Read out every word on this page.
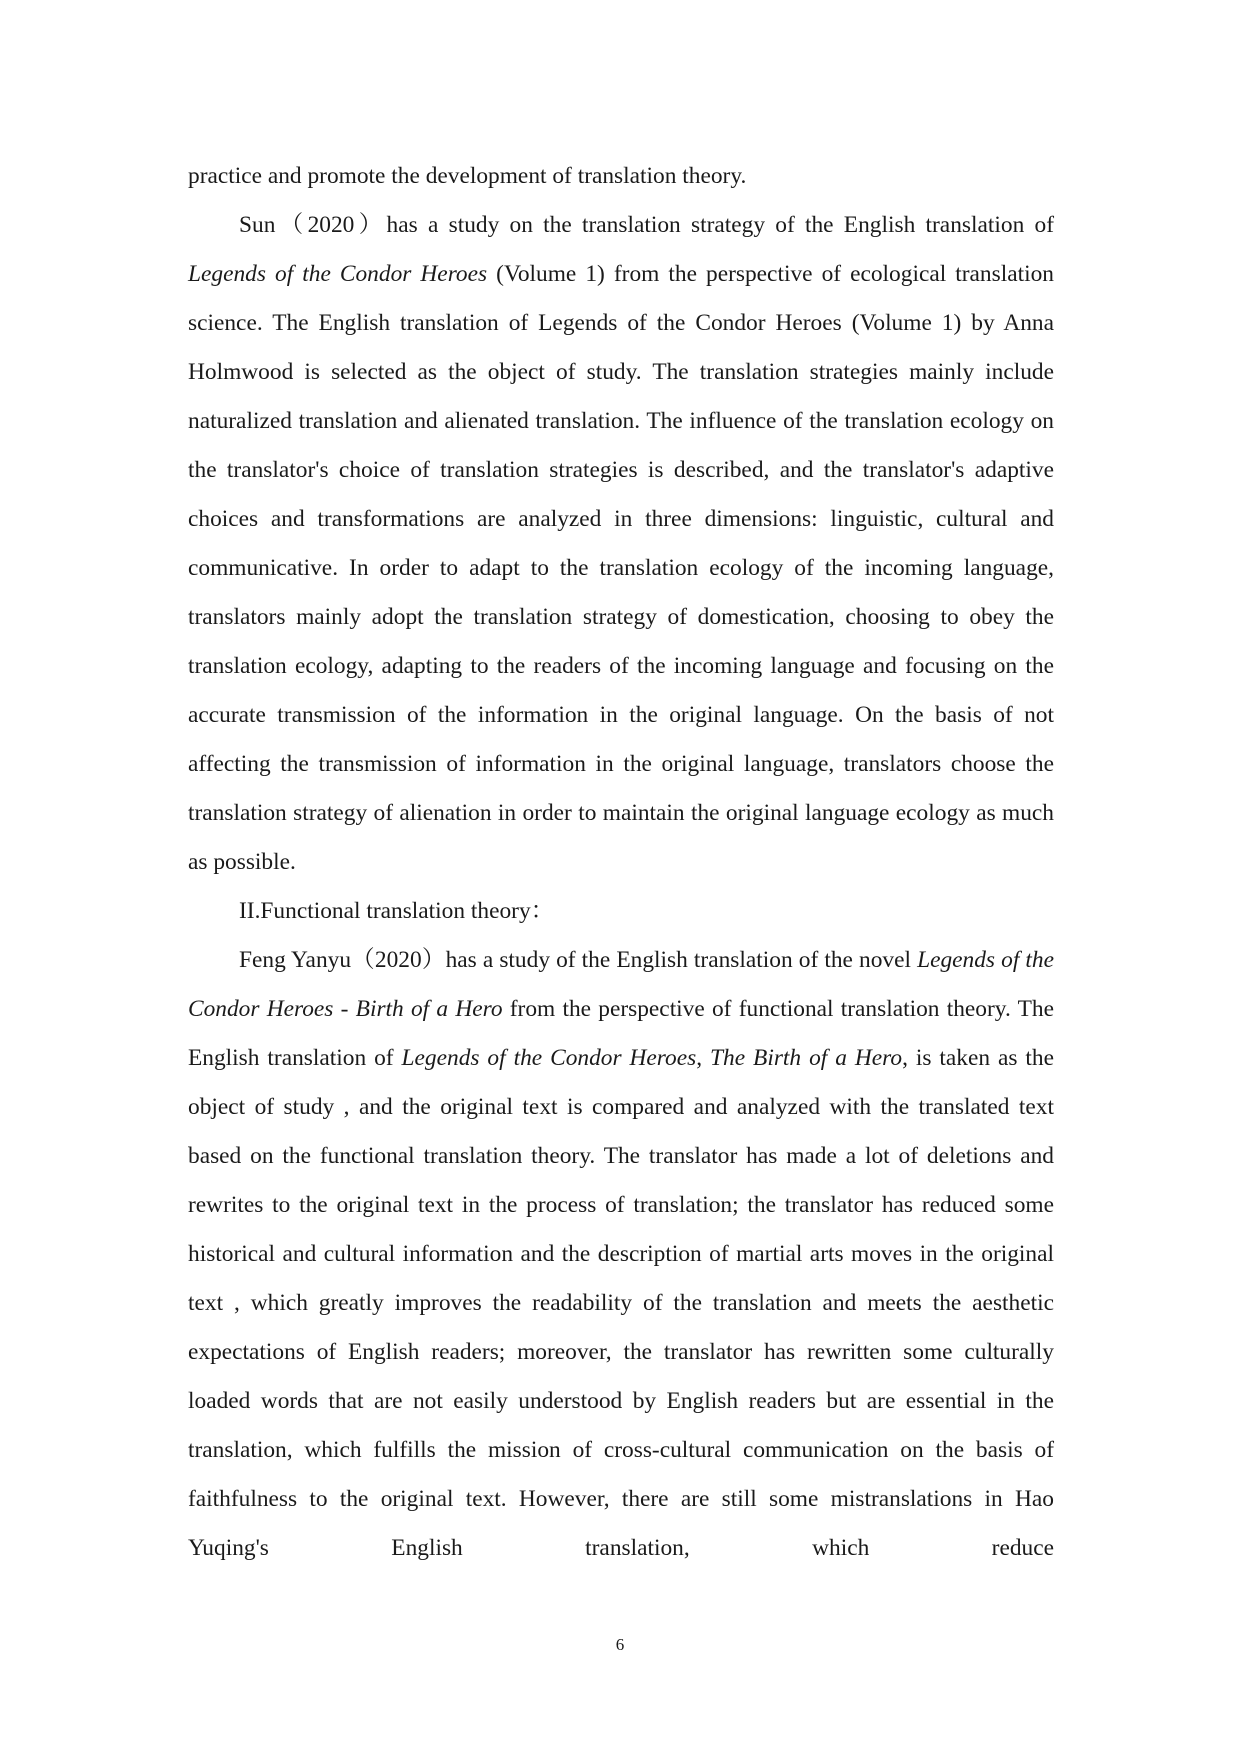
practice and promote the development of translation theory.

Sun（2020）has a study on the translation strategy of the English translation of Legends of the Condor Heroes (Volume 1) from the perspective of ecological translation science. The English translation of Legends of the Condor Heroes (Volume 1) by Anna Holmwood is selected as the object of study. The translation strategies mainly include naturalized translation and alienated translation. The influence of the translation ecology on the translator's choice of translation strategies is described, and the translator's adaptive choices and transformations are analyzed in three dimensions: linguistic, cultural and communicative. In order to adapt to the translation ecology of the incoming language, translators mainly adopt the translation strategy of domestication, choosing to obey the translation ecology, adapting to the readers of the incoming language and focusing on the accurate transmission of the information in the original language. On the basis of not affecting the transmission of information in the original language, translators choose the translation strategy of alienation in order to maintain the original language ecology as much as possible.

II.Functional translation theory：

Feng Yanyu（2020）has a study of the English translation of the novel Legends of the Condor Heroes - Birth of a Hero from the perspective of functional translation theory. The English translation of Legends of the Condor Heroes, The Birth of a Hero, is taken as the object of study , and the original text is compared and analyzed with the translated text based on the functional translation theory. The translator has made a lot of deletions and rewrites to the original text in the process of translation; the translator has reduced some historical and cultural information and the description of martial arts moves in the original text , which greatly improves the readability of the translation and meets the aesthetic expectations of English readers; moreover, the translator has rewritten some culturally loaded words that are not easily understood by English readers but are essential in the translation, which fulfills the mission of cross-cultural communication on the basis of faithfulness to the original text. However, there are still some mistranslations in Hao Yuqing's English translation, which reduce

6
